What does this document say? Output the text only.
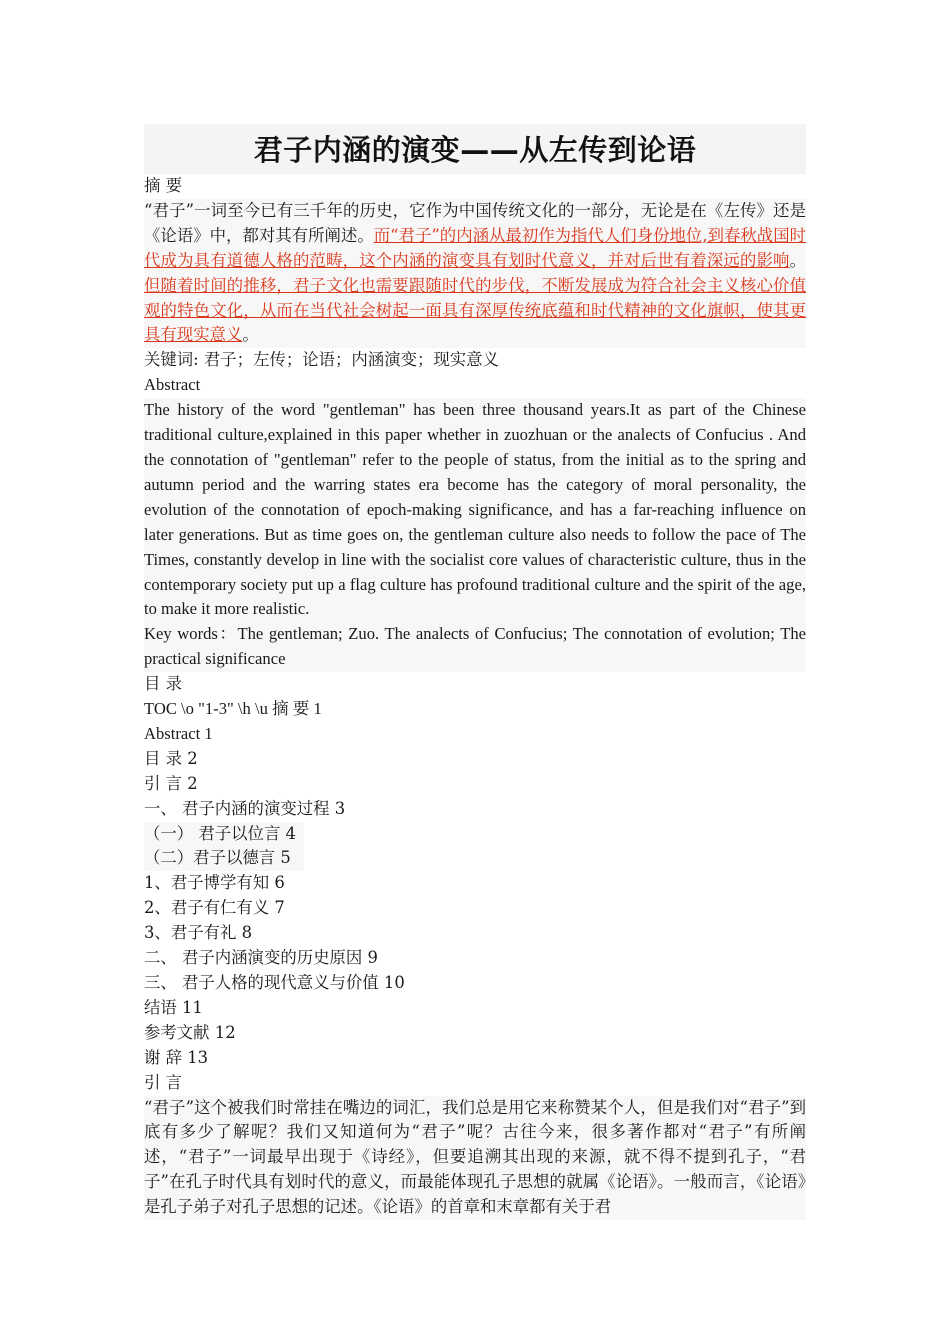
君子内涵的演变——从左传到论语

摘 要

“君子”一词至今已有三千年的历史，它作为中国传统文化的一部分，无论是在《左传》还是《论语》中，都对其有所阐述。而“君子”的内涵从最初作为指代人们身份地位,到春秋战国时代成为具有道德人格的范畴，这个内涵的演变具有划时代意义，并对后世有着深远的影响。但随着时间的推移，君子文化也需要跟随时代的步伐，不断发展成为符合社会主义核心价值观的特色文化，从而在当代社会树起一面具有深厚传统底蕴和时代精神的文化旗帜，使其更具有现实意义。

关键词: 君子；左传；论语；内涵演变；现实意义

Abstract

The history of the word "gentleman" has been three thousand years.It as part of the Chinese traditional culture,explained in this paper whether in zuozhuan or the analects of Confucius . And the connotation of "gentleman" refer to the people of status, from the initial as to the spring and autumn period and the warring states era become has the category of moral personality, the evolution of the connotation of epoch-making significance, and has a far-reaching influence on later generations. But as time goes on, the gentleman culture also needs to follow the pace of The Times, constantly develop in line with the socialist core values of characteristic culture, thus in the contemporary society put up a flag culture has profound traditional culture and the spirit of the age, to make it more realistic.

Key words：The gentleman; Zuo. The analects of Confucius; The connotation of evolution; The practical significance

目 录

TOC \o "1-3" \h \u 摘 要 1

Abstract 1

目 录 2

引 言 2

一、 君子内涵的演变过程 3

（一） 君子以位言 4

（二）君子以德言 5

1、君子博学有知 6

2、君子有仁有义 7

3、君子有礼 8

二、 君子内涵演变的历史原因 9

三、 君子人格的现代意义与价值 10

结语 11

参考文献 12

谢 辞 13

引 言

“君子”这个被我们时常挂在嘴边的词汇，我们总是用它来称赞某个人，但是我们对“君子”到底有多少了解呢？我们又知道何为“君子”呢？古往今来，很多著作都对“君子”有所阐述，“君子”一词最早出现于《诗经》，但要追溯其出现的来源，就不得不提到孔子，“君子”在孔子时代具有划时代的意义，而最能体现孔子思想的就属《论语》。一般而言，《论语》是孔子弟子对孔子思想的记述。《论语》的首章和末章都有关于君
